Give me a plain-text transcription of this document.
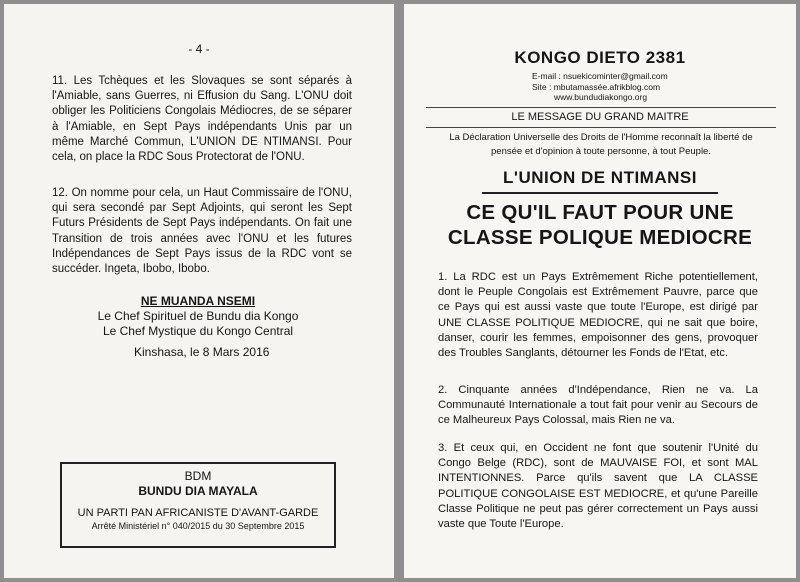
- 4 -
11. Les Tchèques et les Slovaques se sont séparés à l'Amiable, sans Guerres, ni Effusion du Sang. L'ONU doit obliger les Politiciens Congolais Médiocres, de se séparer à l'Amiable, en Sept Pays indépendants Unis par un même Marché Commun, L'UNION DE NTIMANSI. Pour cela, on place la RDC Sous Protectorat de l'ONU.
12. On nomme pour cela, un Haut Commissaire de l'ONU, qui sera secondé par Sept Adjoints, qui seront les Sept Futurs Présidents de Sept Pays indépendants. On fait une Transition de trois années avec l'ONU et les futures Indépendances de Sept Pays issus de la RDC vont se succéder. Ingeta, Ibobo, Ibobo.
NE MUANDA NSEMI
Le Chef Spirituel de Bundu dia Kongo
Le Chef Mystique du Kongo Central
Kinshasa, le 8 Mars 2016
BDM
BUNDU DIA MAYALA
UN PARTI PAN AFRICANISTE D'AVANT-GARDE
Arrêté Ministériel n° 040/2015 du 30 Septembre 2015
KONGO DIETO 2381
E-mail : nsuekicominter@gmail.com
Site : mbutamassée.afrikblog.com
www.bundudiakongo.org
LE MESSAGE DU GRAND MAITRE
La Déclaration Universelle des Droits de l'Homme reconnaît la liberté de pensée et d'opinion à toute personne, à tout Peuple.
L'UNION DE NTIMANSI
CE QU'IL FAUT POUR UNE
CLASSE POLIQUE MEDIOCRE
1. La RDC est un Pays Extrêmement Riche potentiellement, dont le Peuple Congolais est Extrêmement Pauvre, parce que ce Pays qui est aussi vaste que toute l'Europe, est dirigé par UNE CLASSE POLITIQUE MEDIOCRE, qui ne sait que boire, danser, courir les femmes, empoisonner des gens, provoquer des Troubles Sanglants, détourner les Fonds de l'Etat, etc.
2. Cinquante années d'Indépendance, Rien ne va. La Communauté Internationale a tout fait pour venir au Secours de ce Malheureux Pays Colossal, mais Rien ne va.
3. Et ceux qui, en Occident ne font que soutenir l'Unité du Congo Belge (RDC), sont de MAUVAISE FOI, et sont MAL INTENTIONNES. Parce qu'ils savent que LA CLASSE POLITIQUE CONGOLAISE EST MEDIOCRE, et qu'une Pareille Classe Politique ne peut pas gérer correctement un Pays aussi vaste que Toute l'Europe.
